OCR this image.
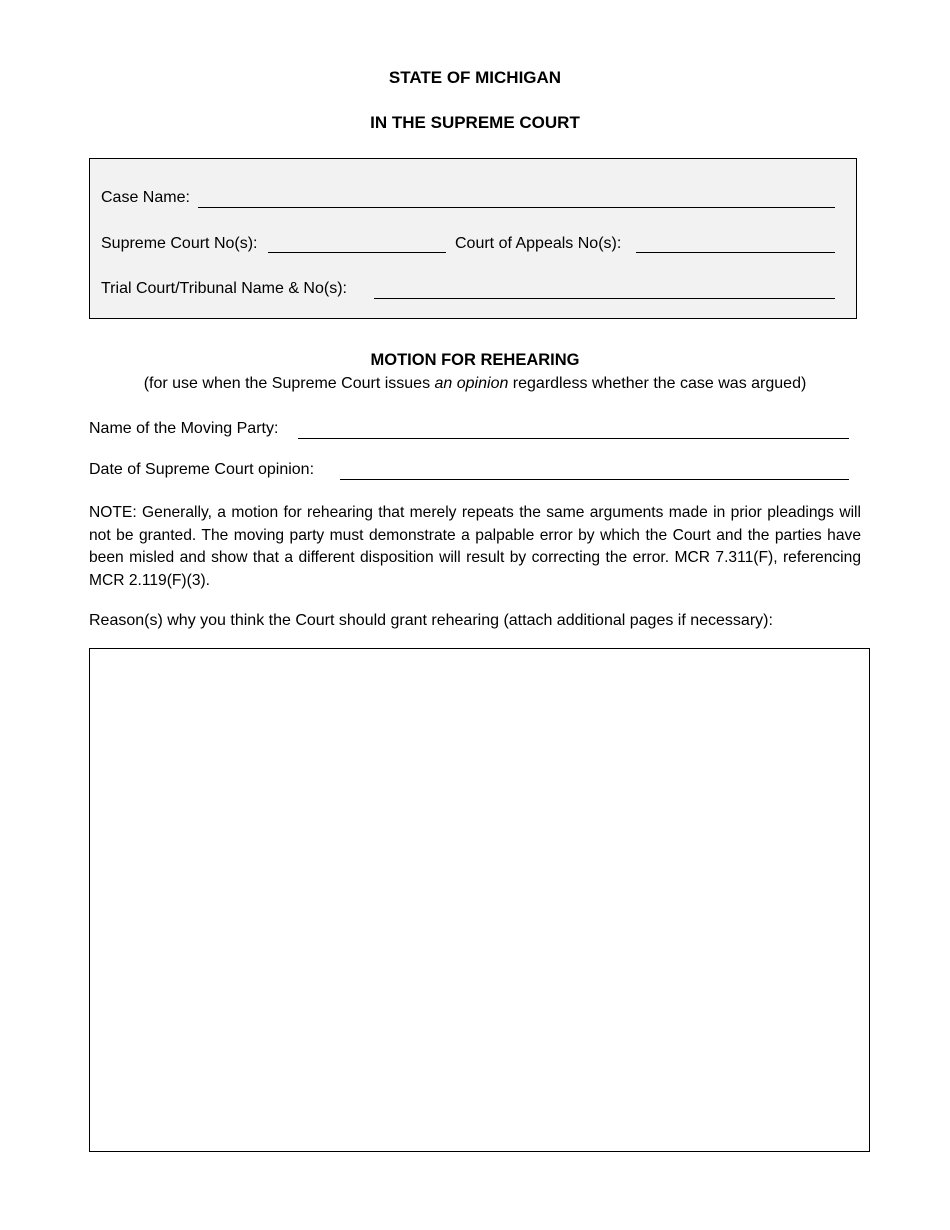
STATE OF MICHIGAN
IN THE SUPREME COURT
Case Name:
Supreme Court No(s):	Court of Appeals No(s):
Trial Court/Tribunal Name & No(s):
MOTION FOR REHEARING
(for use when the Supreme Court issues an opinion regardless whether the case was argued)
Name of the Moving Party:
Date of Supreme Court opinion:
NOTE: Generally, a motion for rehearing that merely repeats the same arguments made in prior pleadings will not be granted. The moving party must demonstrate a palpable error by which the Court and the parties have been misled and show that a different disposition will result by correcting the error. MCR 7.311(F), referencing MCR 2.119(F)(3).
Reason(s) why you think the Court should grant rehearing (attach additional pages if necessary):
